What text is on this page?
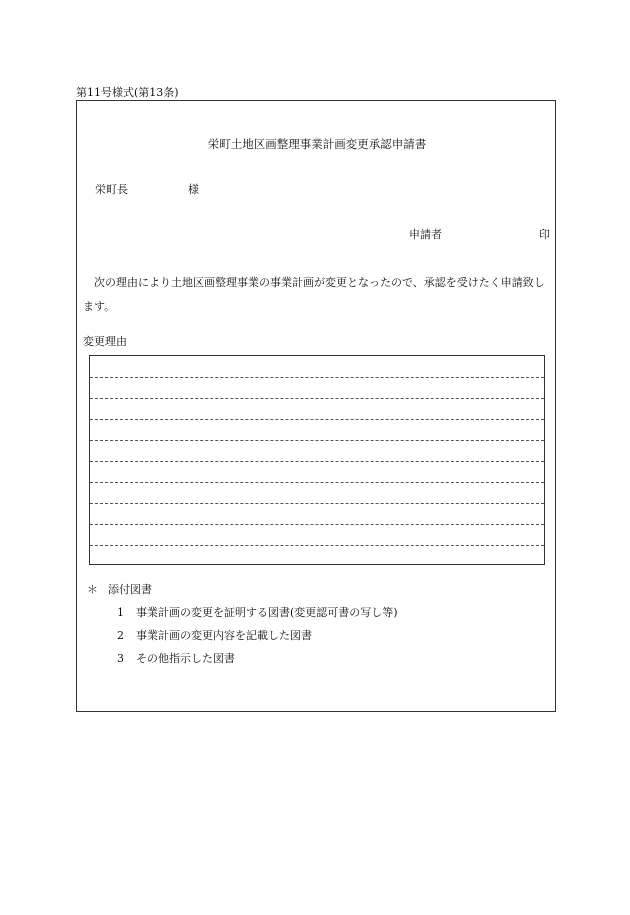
第11号様式(第13条)
栄町土地区画整理事業計画変更承認申請書
栄町長	様
申請者	印
次の理由により土地区画整理事業の事業計画が変更となったので、承認を受けたく申請致します。
変更理由
＊ 添付図書
1 事業計画の変更を証明する図書(変更認可書の写し等)
2 事業計画の変更内容を記載した図書
3 その他指示した図書
